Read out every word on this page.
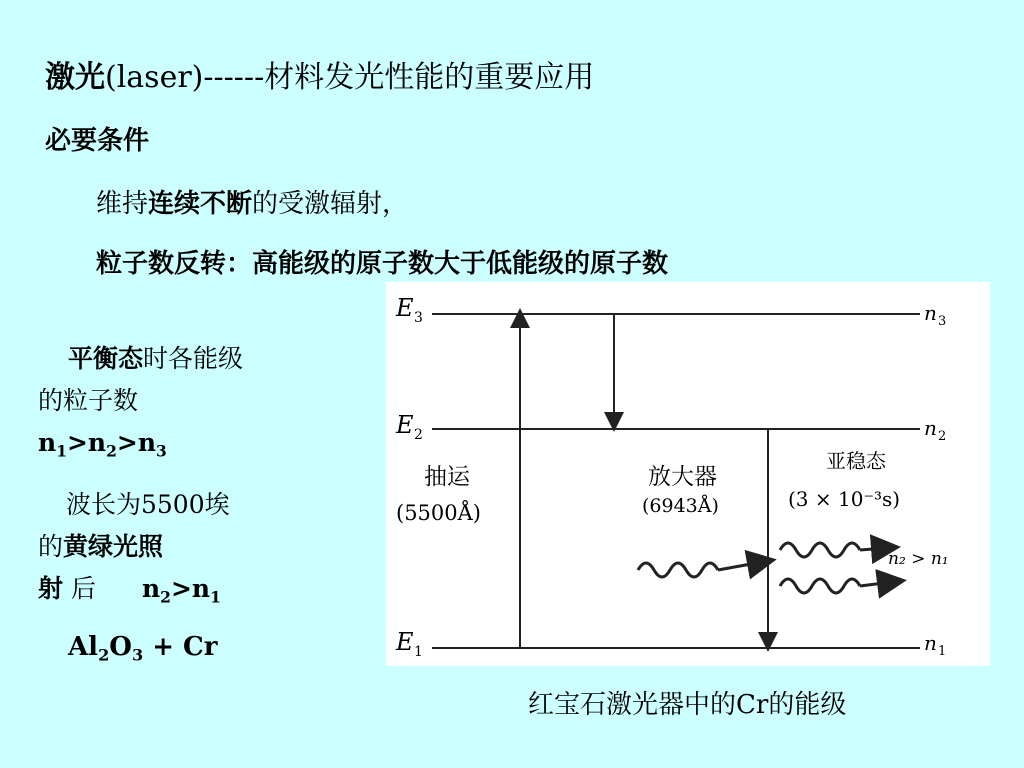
激光(laser)------材料发光性能的重要应用
必要条件
维持连续不断的受激辐射，
粒子数反转：高能级的原子数大于低能级的原子数
平衡态时各能级的粒子数
$n_1>n_2>n_3$
波长为5500埃的黄绿光照
射 后 $n_2>n_1$
$Al_2O_3 + Cr$
E 3
E 2
E 1
n 3
n 2
n 1
抽运
(5500Å)
放大器
(6943Å)
亚稳态
(3 × 10⁻³s)
n₂ > n₁
红宝石激光器中的Cr的能级
